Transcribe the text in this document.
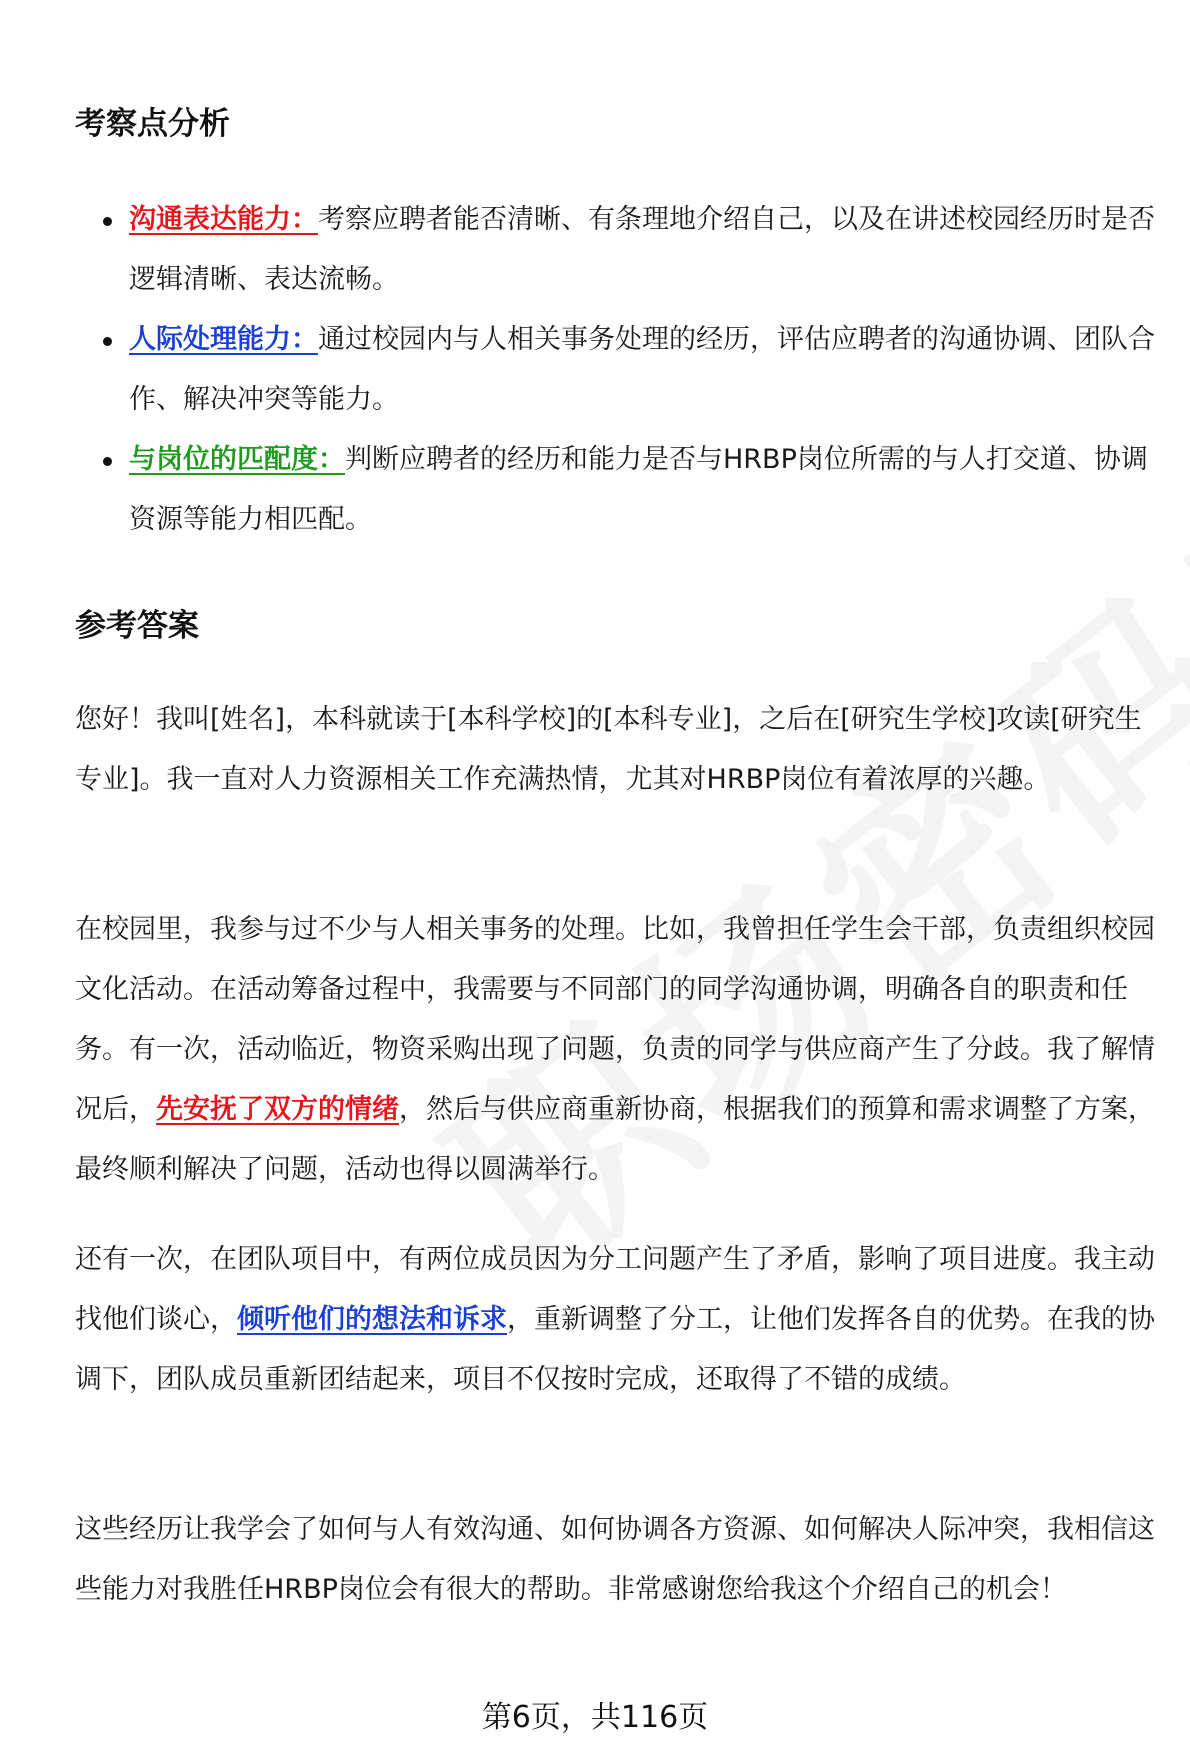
考察点分析
沟通表达能力：考察应聘者能否清晰、有条理地介绍自己，以及在讲述校园经历时是否逻辑清晰、表达流畅。
人际处理能力：通过校园内与人相关事务处理的经历，评估应聘者的沟通协调、团队合作、解决冲突等能力。
与岗位的匹配度：判断应聘者的经历和能力是否与HRBP岗位所需的与人打交道、协调资源等能力相匹配。
参考答案

您好！我叫[姓名]，本科就读于[本科学校]的[本科专业]，之后在[研究生学校]攻读[研究生专业]。我一直对人力资源相关工作充满热情，尤其对HRBP岗位有着浓厚的兴趣。

在校园里，我参与过不少与人相关事务的处理。比如，我曾担任学生会干部，负责组织校园文化活动。在活动筹备过程中，我需要与不同部门的同学沟通协调，明确各自的职责和任务。有一次，活动临近，物资采购出现了问题，负责的同学与供应商产生了分歧。我了解情况后，先安抚了双方的情绪，然后与供应商重新协商，根据我们的预算和需求调整了方案，最终顺利解决了问题，活动也得以圆满举行。

还有一次，在团队项目中，有两位成员因为分工问题产生了矛盾，影响了项目进度。我主动找他们谈心，倾听他们的想法和诉求，重新调整了分工，让他们发挥各自的优势。在我的协调下，团队成员重新团结起来，项目不仅按时完成，还取得了不错的成绩。

这些经历让我学会了如何与人有效沟通、如何协调各方资源、如何解决人际冲突，我相信这些能力对我胜任HRBP岗位会有很大的帮助。非常感谢您给我这个介绍自己的机会！

第6页，共116页
